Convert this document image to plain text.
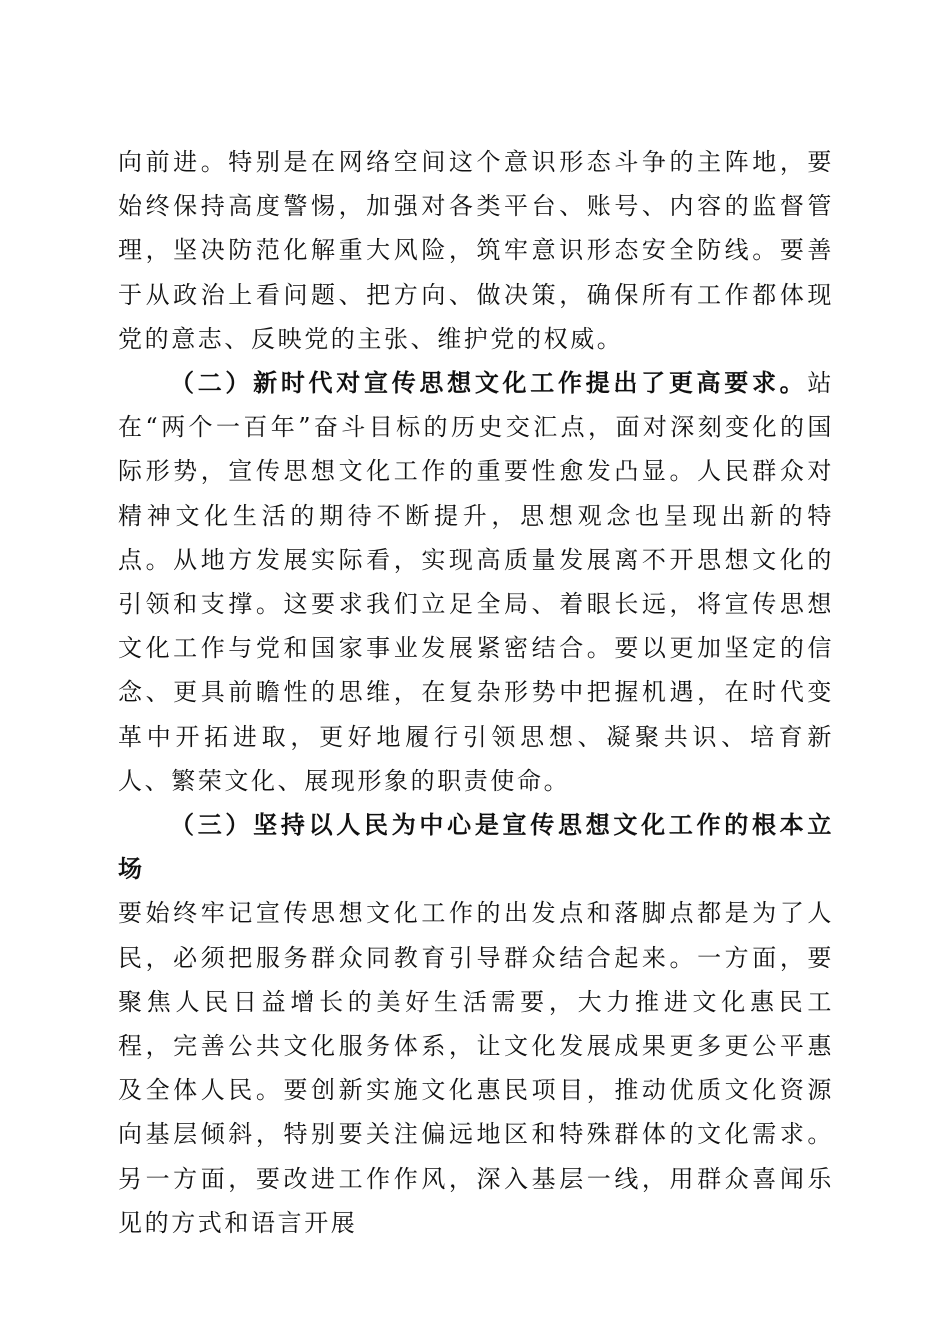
向前进。特别是在网络空间这个意识形态斗争的主阵地，要始终保持高度警惕，加强对各类平台、账号、内容的监督管理，坚决防范化解重大风险，筑牢意识形态安全防线。要善于从政治上看问题、把方向、做决策，确保所有工作都体现党的意志、反映党的主张、维护党的权威。

（二）新时代对宣传思想文化工作提出了更高要求。站在“两个一百年”奋斗目标的历史交汇点，面对深刻变化的国际形势，宣传思想文化工作的重要性愈发凸显。人民群众对精神文化生活的期待不断提升，思想观念也呈现出新的特点。从地方发展实际看，实现高质量发展离不开思想文化的引领和支撑。这要求我们立足全局、着眼长远，将宣传思想文化工作与党和国家事业发展紧密结合。要以更加坚定的信念、更具前瞻性的思维，在复杂形势中把握机遇，在时代变革中开拓进取，更好地履行引领思想、凝聚共识、培育新人、繁荣文化、展现形象的职责使命。

（三）坚持以人民为中心是宣传思想文化工作的根本立场

要始终牢记宣传思想文化工作的出发点和落脚点都是为了人民，必须把服务群众同教育引导群众结合起来。一方面，要聚焦人民日益增长的美好生活需要，大力推进文化惠民工程，完善公共文化服务体系，让文化发展成果更多更公平惠及全体人民。要创新实施文化惠民项目，推动优质文化资源向基层倾斜，特别要关注偏远地区和特殊群体的文化需求。另一方面，要改进工作作风，深入基层一线，用群众喜闻乐见的方式和语言开展
